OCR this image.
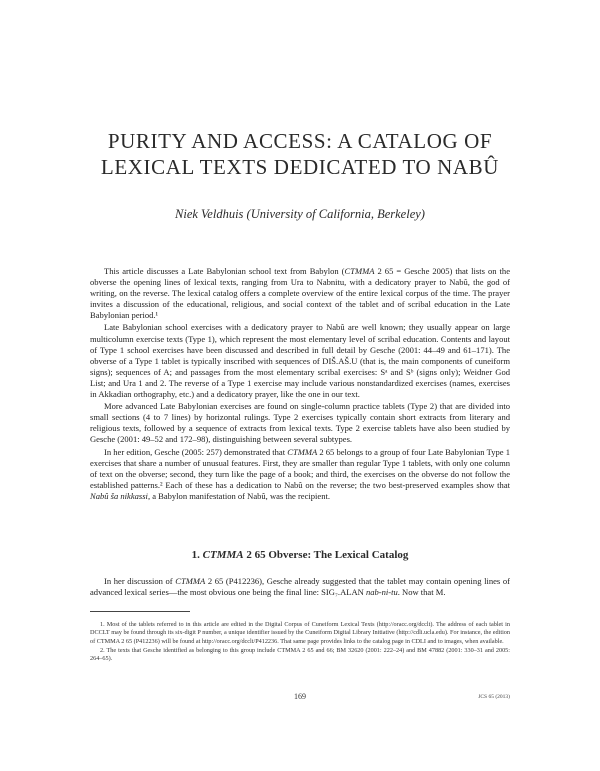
PURITY AND ACCESS: A CATALOG OF
LEXICAL TEXTS DEDICATED TO NABÛ
Niek Veldhuis (University of California, Berkeley)

This article discusses a Late Babylonian school text from Babylon (CTMMA 2 65 = Gesche 2005) that lists on the obverse the opening lines of lexical texts, ranging from Ura to Nabnitu, with a dedicatory prayer to Nabû, the god of writing, on the reverse. The lexical catalog offers a complete overview of the entire lexical corpus of the time. The prayer invites a discussion of the educational, religious, and social context of the tablet and of scribal education in the Late Babylonian period.¹

Late Babylonian school exercises with a dedicatory prayer to Nabû are well known; they usually appear on large multicolumn exercise texts (Type 1), which represent the most elementary level of scribal education. Contents and layout of Type 1 school exercises have been discussed and described in full detail by Gesche (2001: 44–49 and 61–171). The obverse of a Type 1 tablet is typically inscribed with sequences of DIŠ.AŠ.U (that is, the main components of cuneiform signs); sequences of A; and passages from the most elementary scribal exercises: Sᵃ and Sᵇ (signs only); Weidner God List; and Ura 1 and 2. The reverse of a Type 1 exercise may include various nonstandardized exercises (names, exercises in Akkadian orthography, etc.) and a dedicatory prayer, like the one in our text.

More advanced Late Babylonian exercises are found on single-column practice tablets (Type 2) that are divided into small sections (4 to 7 lines) by horizontal rulings. Type 2 exercises typically contain short extracts from literary and religious texts, followed by a sequence of extracts from lexical texts. Type 2 exercise tablets have also been studied by Gesche (2001: 49–52 and 172–98), distinguishing between several subtypes.

In her edition, Gesche (2005: 257) demonstrated that CTMMA 2 65 belongs to a group of four Late Babylonian Type 1 exercises that share a number of unusual features. First, they are smaller than regular Type 1 tablets, with only one column of text on the obverse; second, they turn like the page of a book; and third, the exercises on the obverse do not follow the established patterns.² Each of these has a dedication to Nabû on the reverse; the two best-preserved examples show that Nabû ša nikkassi, a Babylon manifestation of Nabû, was the recipient.

1. CTMMA 2 65 Obverse: The Lexical Catalog

In her discussion of CTMMA 2 65 (P412236), Gesche already suggested that the tablet may contain opening lines of advanced lexical series—the most obvious one being the final line: SIG₇.ALAN nab-ni-tu. Now that M.

1. Most of the tablets referred to in this article are edited in the Digital Corpus of Cuneiform Lexical Texts (http://oracc.org/dcclt). The address of each tablet in DCCLT may be found through its six-digit P number, a unique identifier issued by the Cuneiform Digital Library Initiative (http://cdli.ucla.edu). For instance, the edition of CTMMA 2 65 (P412236) will be found at http://oracc.org/dcclt/P412236. That same page provides links to the catalog page in CDLI and to images, when available.

2. The texts that Gesche identified as belonging to this group include CTMMA 2 65 and 66; BM 32620 (2001: 222–24) and BM 47882 (2001: 330–31 and 2005: 264–65).

169	JCS 65 (2013)
